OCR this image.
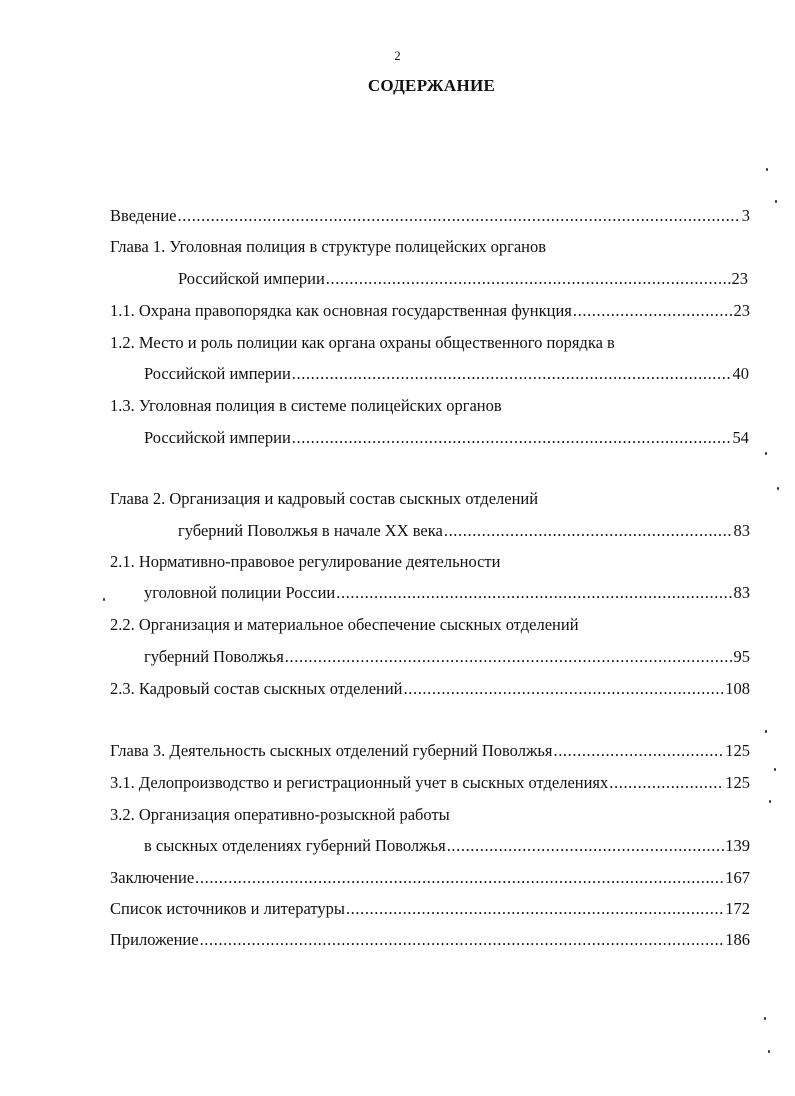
2
СОДЕРЖАНИЕ
Введение .....	3
Глава 1. Уголовная полиция в структуре полицейских органов
Российской империи .....	23
1.1. Охрана правопорядка как основная государственная функция .....	23
1.2. Место и роль полиции как органа охраны общественного порядка в
Российской империи .....	40
1.3. Уголовная полиция в системе полицейских органов
Российской империи .....	54
Глава 2. Организация и кадровый состав сыскных отделений
губерний Поволжья в начале XX века .....	83
2.1. Нормативно-правовое регулирование деятельности
уголовной полиции России .....	83
2.2. Организация и материальное обеспечение сыскных отделений
губерний Поволжья .....	95
2.3. Кадровый состав сыскных отделений .....	108
Глава 3. Деятельность сыскных отделений губерний Поволжья .....	125
3.1. Делопроизводство и регистрационный учет в сыскных отделениях .....	125
3.2. Организация оперативно-розыскной работы
в сыскных отделениях губерний Поволжья .....	139
Заключение .....	167
Список источников и литературы .....	172
Приложение .....	186
